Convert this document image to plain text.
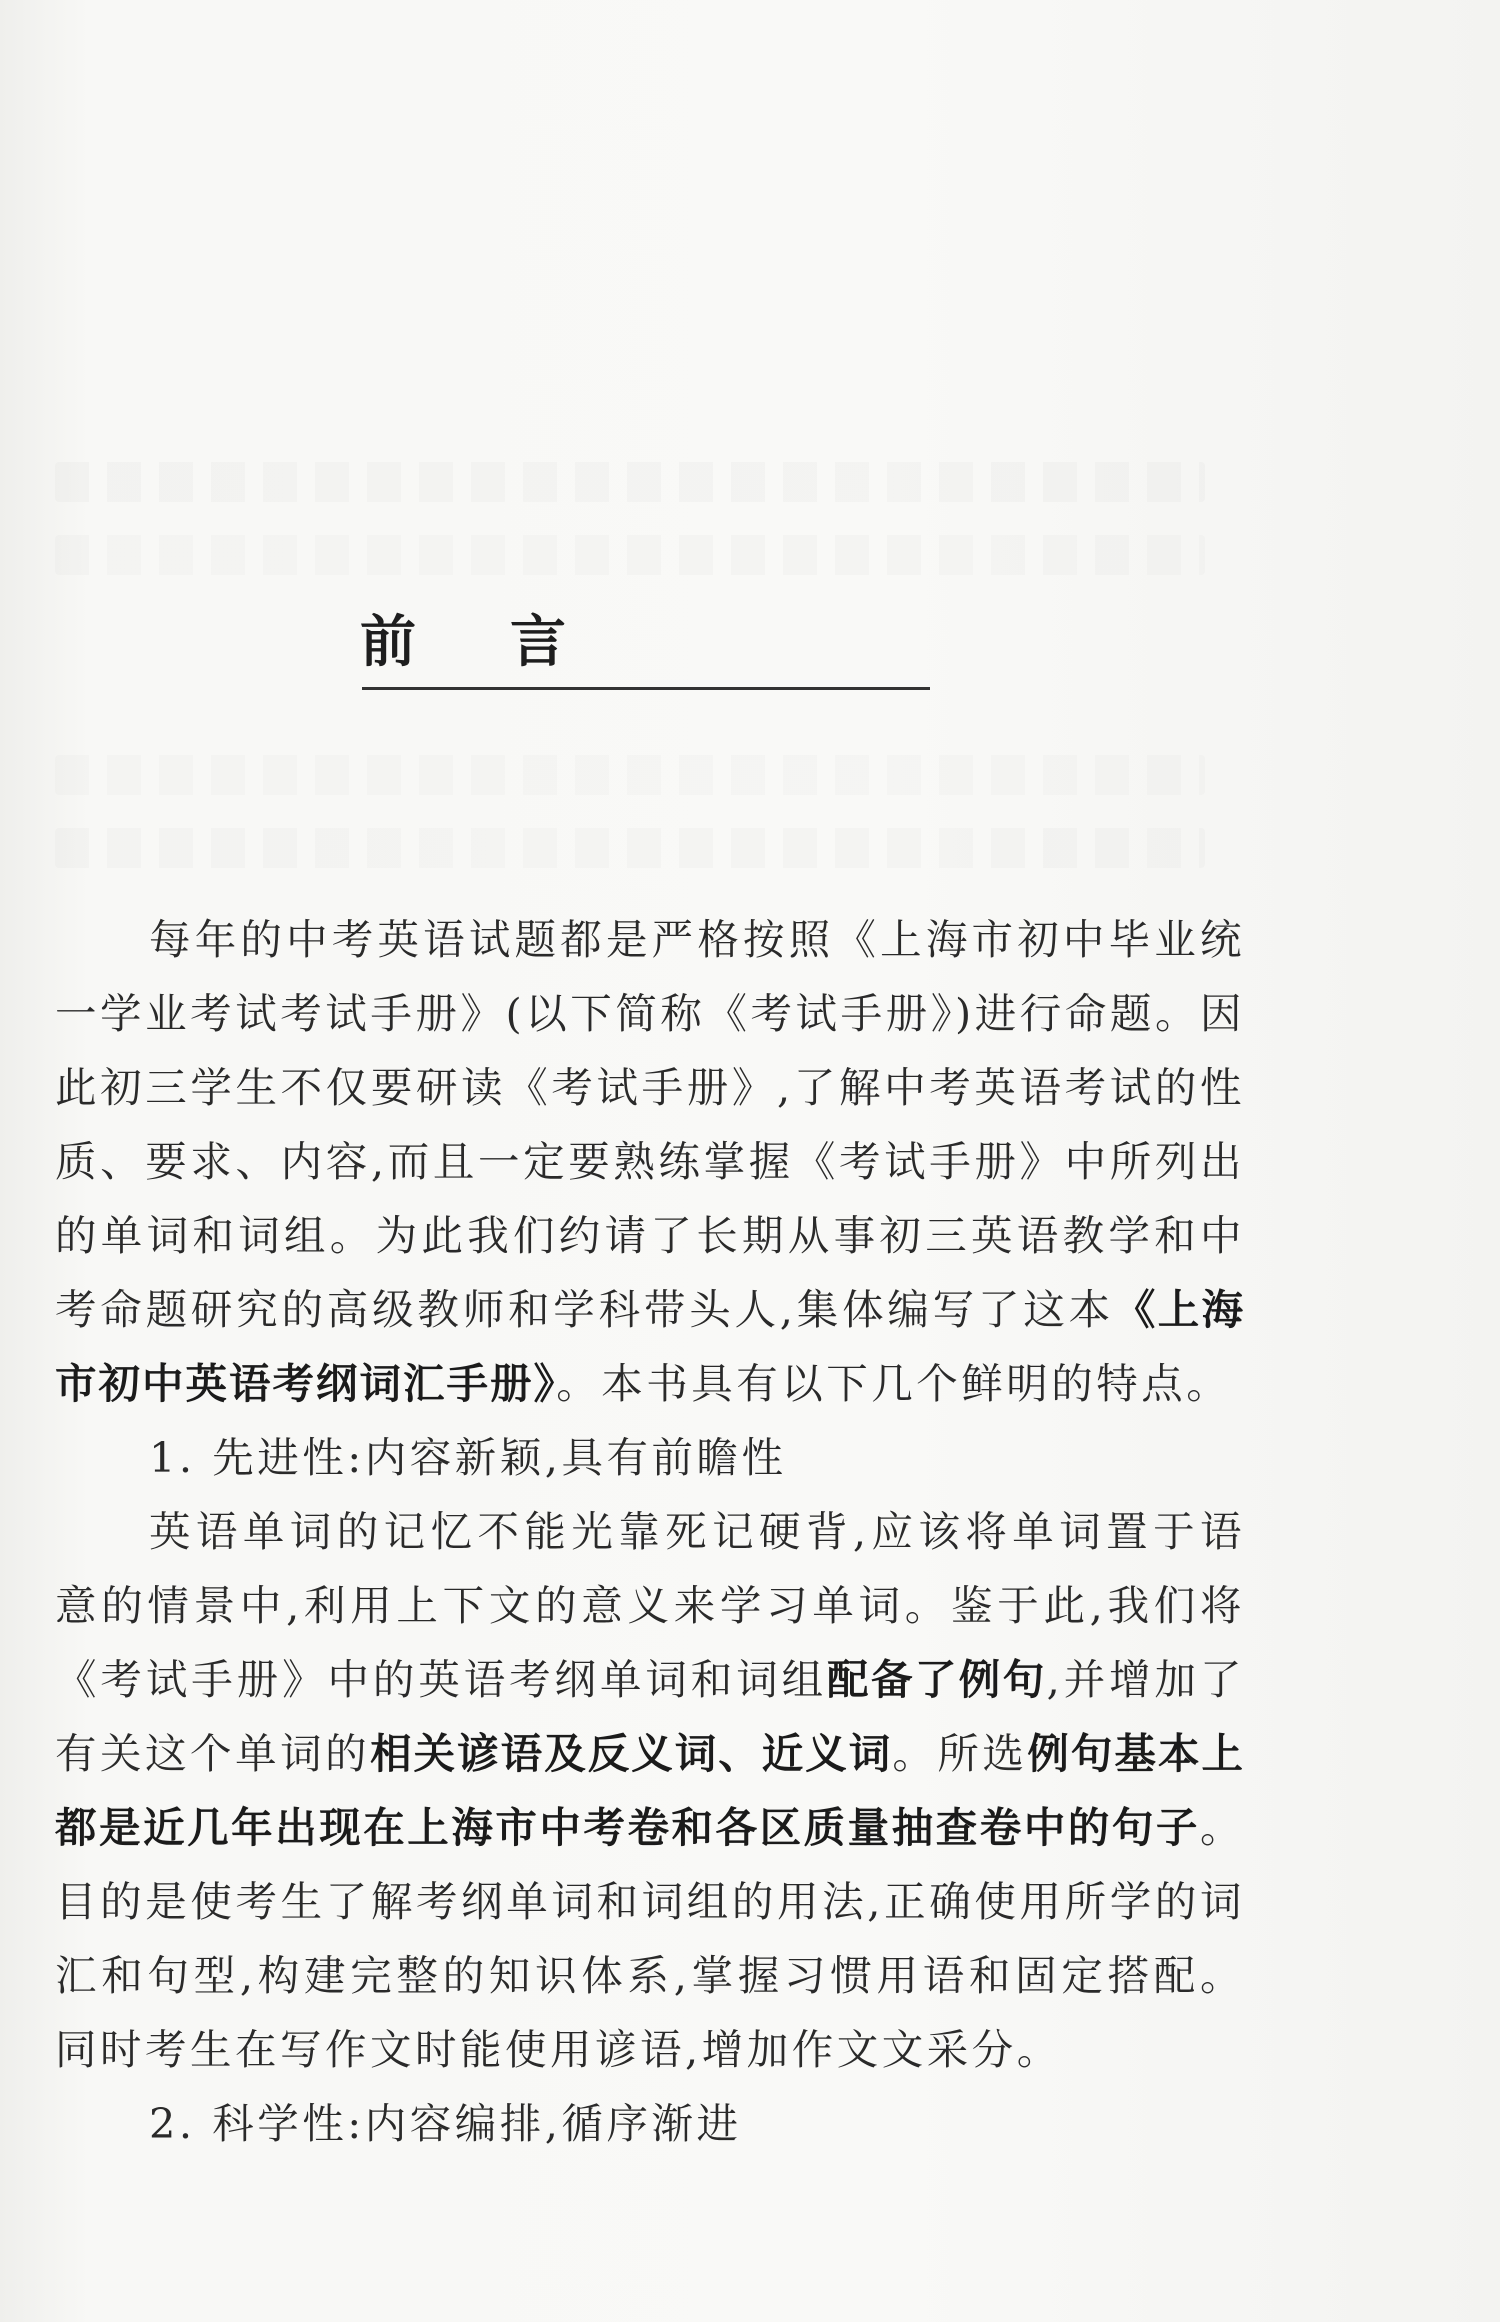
前 言

每年的中考英语试题都是严格按照《上海市初中毕业统一学业考试考试手册》(以下简称《考试手册》)进行命题。因此初三学生不仅要研读《考试手册》,了解中考英语考试的性质、要求、内容,而且一定要熟练掌握《考试手册》中所列出的单词和词组。为此我们约请了长期从事初三英语教学和中考命题研究的高级教师和学科带头人,集体编写了这本《上海市初中英语考纲词汇手册》。本书具有以下几个鲜明的特点。

1. 先进性:内容新颖,具有前瞻性

英语单词的记忆不能光靠死记硬背,应该将单词置于语意的情景中,利用上下文的意义来学习单词。鉴于此,我们将《考试手册》中的英语考纲单词和词组配备了例句,并增加了有关这个单词的相关谚语及反义词、近义词。所选例句基本上都是近几年出现在上海市中考卷和各区质量抽查卷中的句子。目的是使考生了解考纲单词和词组的用法,正确使用所学的词汇和句型,构建完整的知识体系,掌握习惯用语和固定搭配。同时考生在写作文时能使用谚语,增加作文文采分。

2. 科学性:内容编排,循序渐进
